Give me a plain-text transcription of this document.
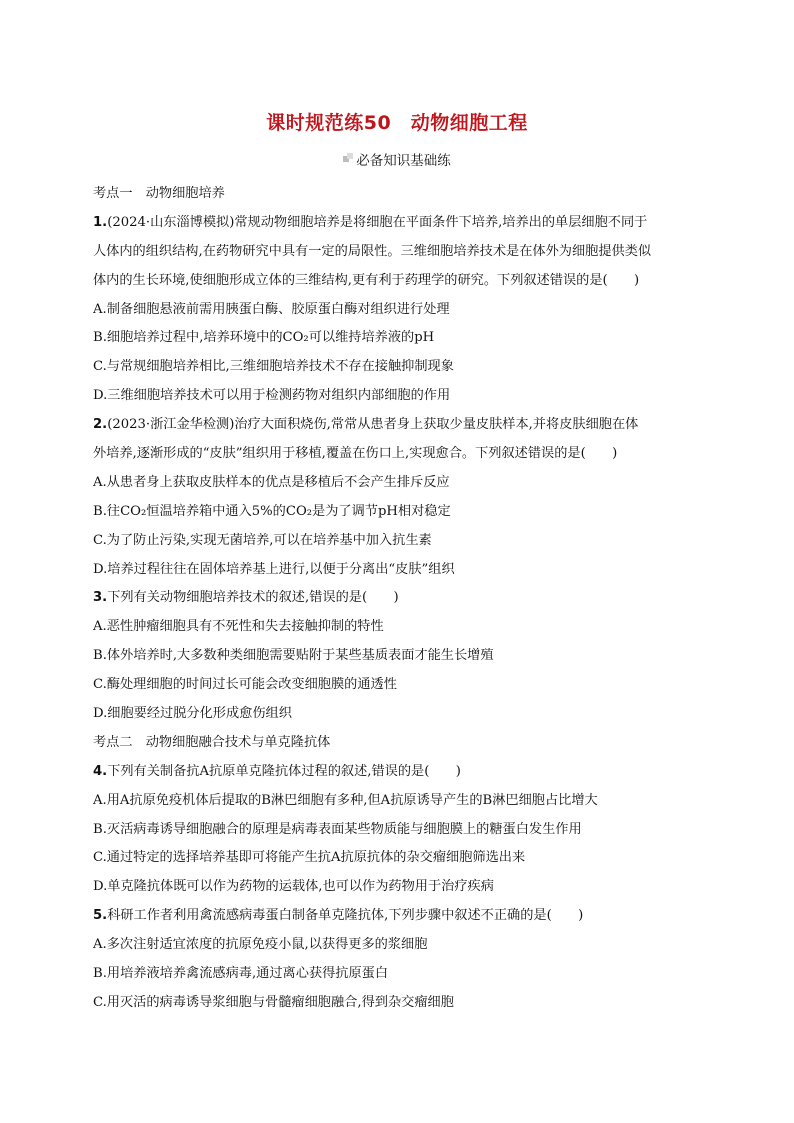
课时规范练50　动物细胞工程
必备知识基础练
考点一　动物细胞培养
1.(2024·山东淄博模拟)常规动物细胞培养是将细胞在平面条件下培养,培养出的单层细胞不同于
人体内的组织结构,在药物研究中具有一定的局限性。三维细胞培养技术是在体外为细胞提供类似
体内的生长环境,使细胞形成立体的三维结构,更有利于药理学的研究。下列叙述错误的是(　　)
A.制备细胞悬液前需用胰蛋白酶、胶原蛋白酶对组织进行处理
B.细胞培养过程中,培养环境中的CO₂可以维持培养液的pH
C.与常规细胞培养相比,三维细胞培养技术不存在接触抑制现象
D.三维细胞培养技术可以用于检测药物对组织内部细胞的作用
2.(2023·浙江金华检测)治疗大面积烧伤,常常从患者身上获取少量皮肤样本,并将皮肤细胞在体
外培养,逐渐形成的“皮肤”组织用于移植,覆盖在伤口上,实现愈合。下列叙述错误的是(　　)
A.从患者身上获取皮肤样本的优点是移植后不会产生排斥反应
B.往CO₂恒温培养箱中通入5%的CO₂是为了调节pH相对稳定
C.为了防止污染,实现无菌培养,可以在培养基中加入抗生素
D.培养过程往往在固体培养基上进行,以便于分离出“皮肤”组织
3.下列有关动物细胞培养技术的叙述,错误的是(　　)
A.恶性肿瘤细胞具有不死性和失去接触抑制的特性
B.体外培养时,大多数种类细胞需要贴附于某些基质表面才能生长增殖
C.酶处理细胞的时间过长可能会改变细胞膜的通透性
D.细胞要经过脱分化形成愈伤组织
考点二　动物细胞融合技术与单克隆抗体
4.下列有关制备抗A抗原单克隆抗体过程的叙述,错误的是(　　)
A.用A抗原免疫机体后提取的B淋巴细胞有多种,但A抗原诱导产生的B淋巴细胞占比增大
B.灭活病毒诱导细胞融合的原理是病毒表面某些物质能与细胞膜上的糖蛋白发生作用
C.通过特定的选择培养基即可将能产生抗A抗原抗体的杂交瘤细胞筛选出来
D.单克隆抗体既可以作为药物的运载体,也可以作为药物用于治疗疾病
5.科研工作者利用禽流感病毒蛋白制备单克隆抗体,下列步骤中叙述不正确的是(　　)
A.多次注射适宜浓度的抗原免疫小鼠,以获得更多的浆细胞
B.用培养液培养禽流感病毒,通过离心获得抗原蛋白
C.用灭活的病毒诱导浆细胞与骨髓瘤细胞融合,得到杂交瘤细胞
